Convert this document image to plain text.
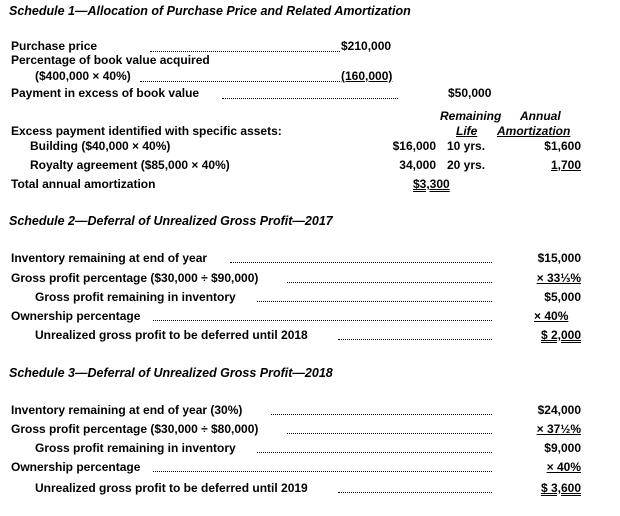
Schedule 1—Allocation of Purchase Price and Related Amortization
Purchase price	$210,000
Percentage of book value acquired
($400,000 × 40%)	(160,000)
Payment in excess of book value	$50,000
Remaining Annual
Life Amortization
Excess payment identified with specific assets:
Building ($40,000 × 40%)	$16,000 10 yrs.	$1,600
Royalty agreement ($85,000 × 40%)	34,000 20 yrs.	1,700
Total annual amortization	$3,300
Schedule 2—Deferral of Unrealized Gross Profit—2017
Inventory remaining at end of year	$15,000
Gross profit percentage ($30,000 ÷ $90,000)	× 33⅓%
Gross profit remaining in inventory	$5,000
Ownership percentage	× 40%
Unrealized gross profit to be deferred until 2018	$ 2,000
Schedule 3—Deferral of Unrealized Gross Profit—2018
Inventory remaining at end of year (30%)	$24,000
Gross profit percentage ($30,000 ÷ $80,000)	× 37½%
Gross profit remaining in inventory	$9,000
Ownership percentage	× 40%
Unrealized gross profit to be deferred until 2019	$ 3,600
